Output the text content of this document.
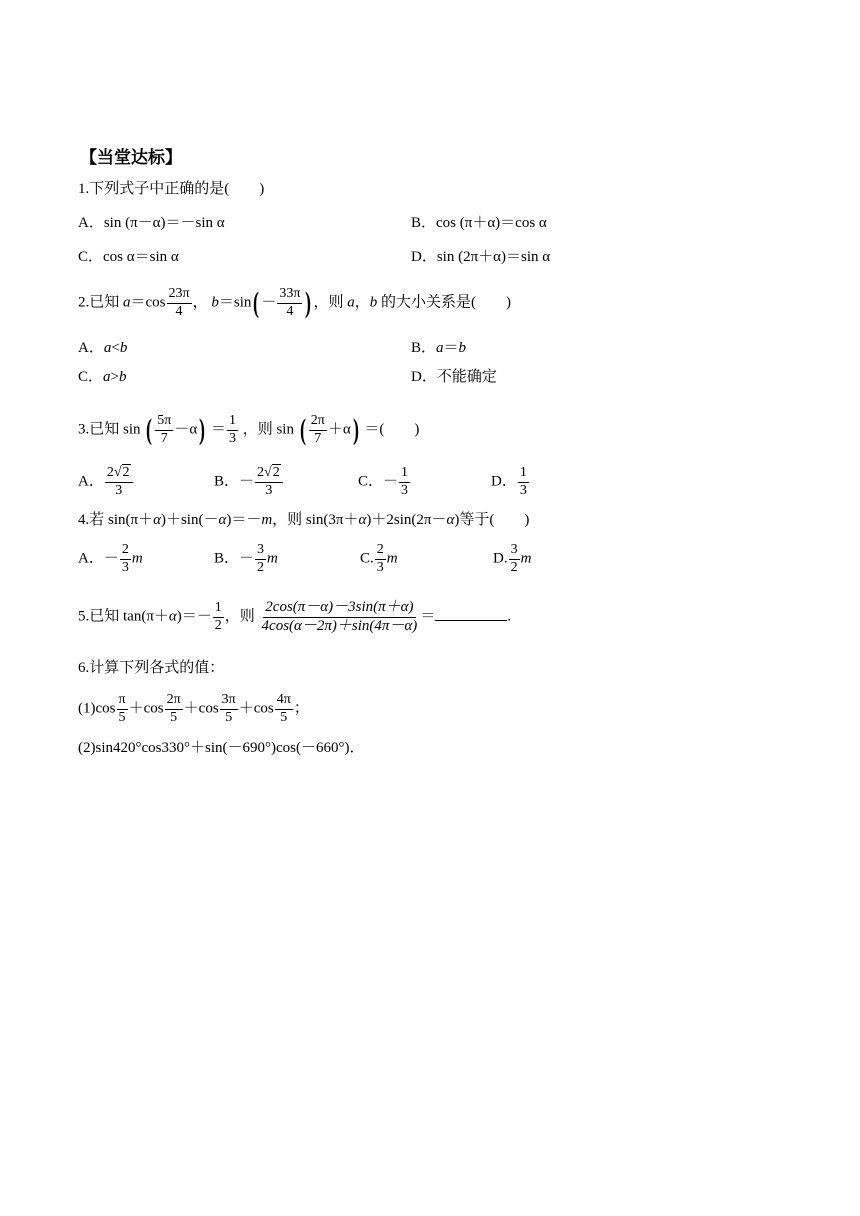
【当堂达标】
1.下列式子中正确的是(　　)
A．sin (π－α)＝－sin α	B．cos (π＋α)＝cos α
C．cos α＝sin α	D．sin (2π＋α)＝sin α
2.已知 $a=\cos \frac{23\pi}{4}$ ， $b=\sin( - \frac{33\pi}{4}$ ) ，则 a，b 的大小关系是(　　)
A．a<b	B．a＝b
C．a>b	D．不能确定
3.已知 sin ( $\frac{5\pi}{7} -\alpha) = \frac{1}{3}$ ，则 sin ( $\frac{2\pi}{7} +\alpha$) ＝(　　)
A． $\frac{2√2}{3}$	B．－ $\frac{2√2}{3}$	C．－ $\frac{1}{3}$	D． $\frac{1}{3}$
4.若 sin(π＋α)＋sin(－α)＝－m，则 sin(3π＋α)＋2sin(2π－α)等于(　　)
A．－ $\frac{2}{3}$ m	B．－ $\frac{3}{2}$ m	C. $\frac{2}{3}$ m	D. $\frac{3}{2}$ m
5.已知 $\tan(\pi+\alpha)=- \frac{1}{2}$ ，则 $\frac{2\cos(\pi-\alpha)-3\sin(\pi+\alpha)}{4\cos(\alpha-2\pi)+\sin(4\pi-\alpha)}$ ＝	.
6.计算下列各式的值：
$(1)\cos \frac{\pi}{5} +\cos \frac{2\pi}{5} +\cos \frac{3\pi}{5} +\cos \frac{4\pi}{5}$ ；
(2)sin420°cos330°＋sin(－690°)cos(－660°)．
